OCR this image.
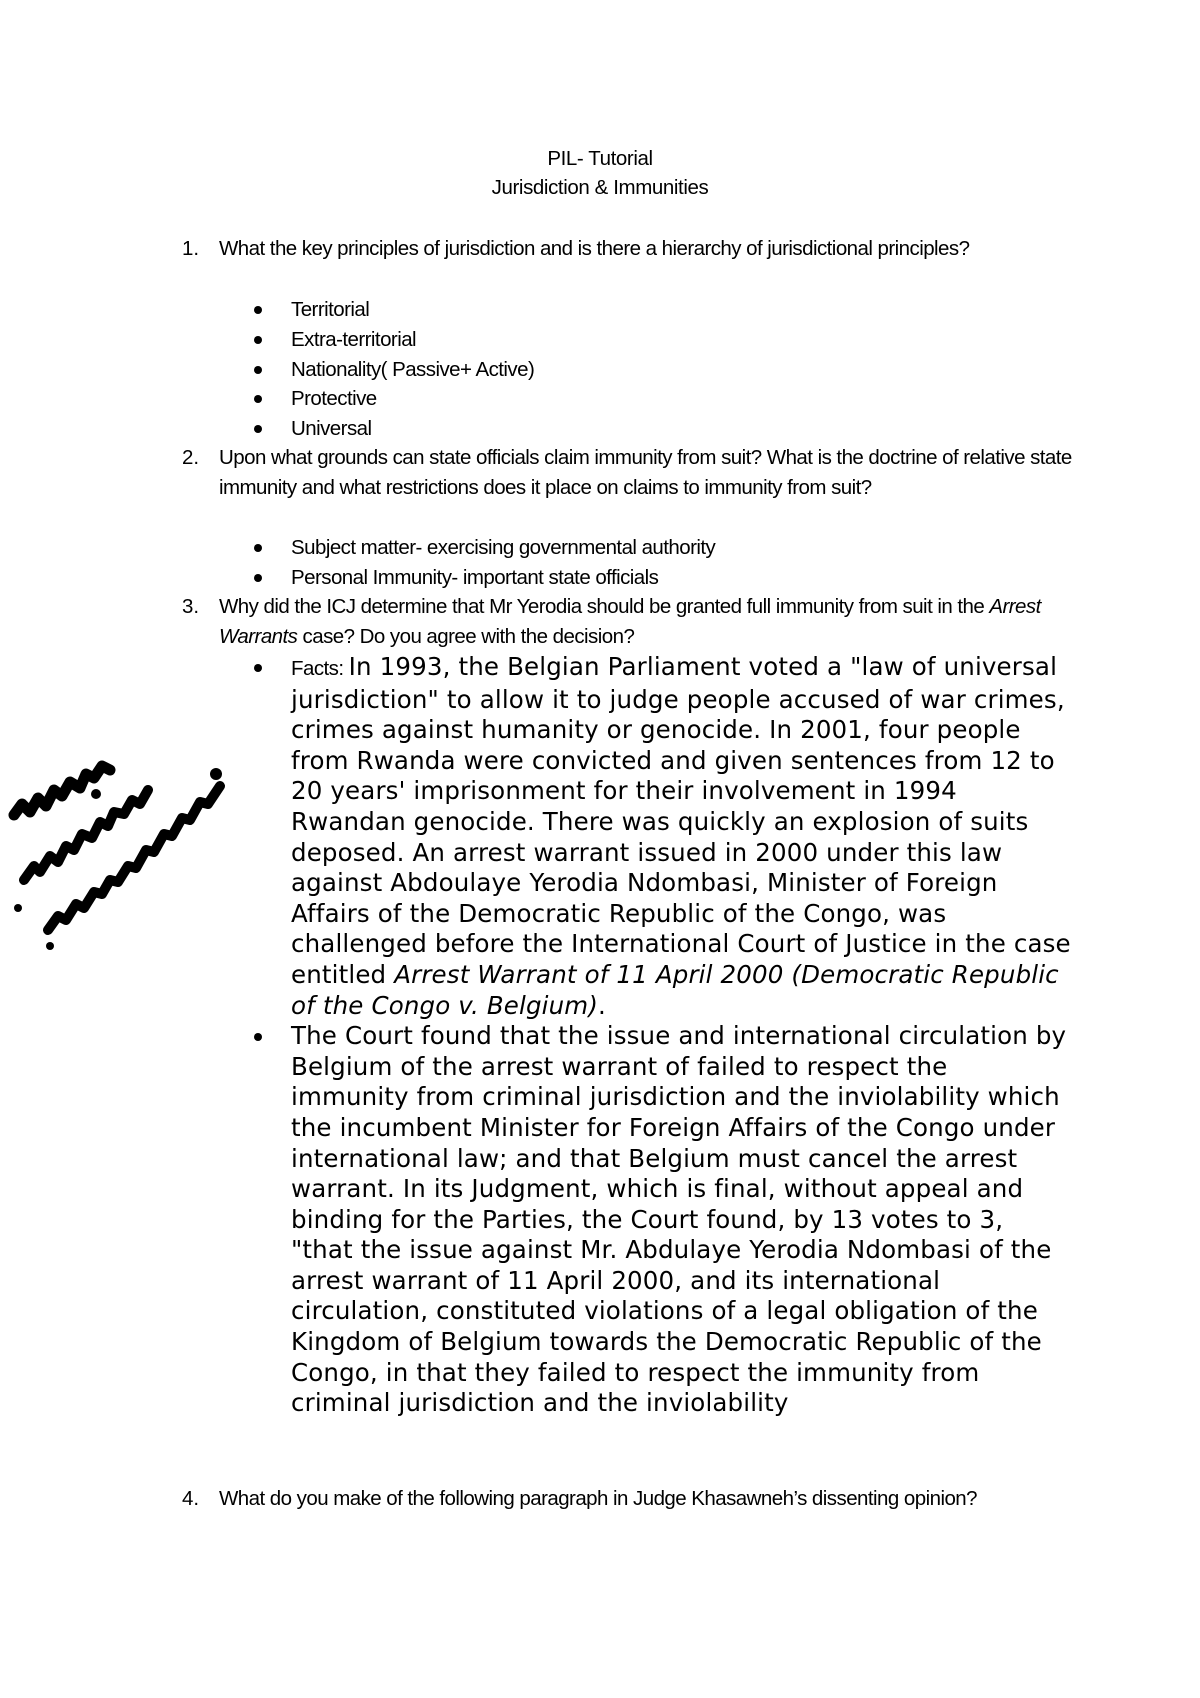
PIL- Tutorial
Jurisdiction & Immunities
1. What the key principles of jurisdiction and is there a hierarchy of jurisdictional principles?
Territorial
Extra-territorial
Nationality( Passive+ Active)
Protective
Universal
2. Upon what grounds can state officials claim immunity from suit? What is the doctrine of relative state immunity and what restrictions does it place on claims to immunity from suit?
Subject matter- exercising governmental authority
Personal Immunity- important state officials
3. Why did the ICJ determine that Mr Yerodia should be granted full immunity from suit in the Arrest Warrants case? Do you agree with the decision?
Facts: In 1993, the Belgian Parliament voted a "law of universal jurisdiction" to allow it to judge people accused of war crimes, crimes against humanity or genocide. In 2001, four people from Rwanda were convicted and given sentences from 12 to 20 years' imprisonment for their involvement in 1994 Rwandan genocide. There was quickly an explosion of suits deposed. An arrest warrant issued in 2000 under this law against Abdoulaye Yerodia Ndombasi, Minister of Foreign Affairs of the Democratic Republic of the Congo, was challenged before the International Court of Justice in the case entitled Arrest Warrant of 11 April 2000 (Democratic Republic of the Congo v. Belgium).
The Court found that the issue and international circulation by Belgium of the arrest warrant of failed to respect the immunity from criminal jurisdiction and the inviolability which the incumbent Minister for Foreign Affairs of the Congo under international law; and that Belgium must cancel the arrest warrant. In its Judgment, which is final, without appeal and binding for the Parties, the Court found, by 13 votes to 3, "that the issue against Mr. Abdulaye Yerodia Ndombasi of the arrest warrant of 11 April 2000, and its international circulation, constituted violations of a legal obligation of the Kingdom of Belgium towards the Democratic Republic of the Congo, in that they failed to respect the immunity from criminal jurisdiction and the inviolability
4. What do you make of the following paragraph in Judge Khasawneh’s dissenting opinion?
